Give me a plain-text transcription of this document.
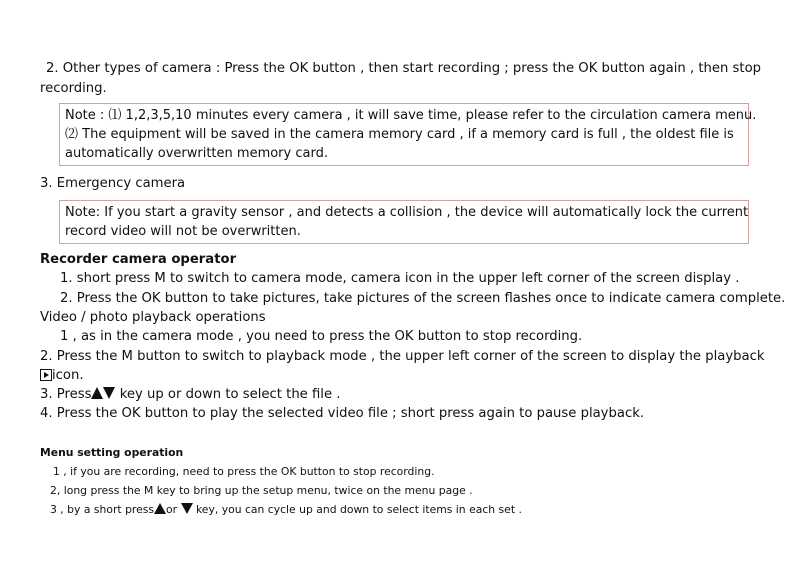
2. Other types of camera : Press the OK button , then start recording ; press the OK button again , then stop
recording.
Note : ⑴ 1,2,3,5,10 minutes every camera , it will save time, please refer to the circulation camera menu.
⑵ The equipment will be saved in the camera memory card , if a memory card is full , the oldest file is
automatically overwritten memory card.
3. Emergency camera
Note: If you start a gravity sensor , and detects a collision , the device will automatically lock the current
record video will not be overwritten.
Recorder camera operator
1. short press M to switch to camera mode, camera icon in the upper left corner of the screen display .
2. Press the OK button to take pictures, take pictures of the screen flashes once to indicate camera complete.
Video / photo playback operations
1 , as in the camera mode , you need to press the OK button to stop recording.
2. Press the M button to switch to playback mode , the upper left corner of the screen to display the playback
icon.
3. Press key up or down to select the file .
4. Press the OK button to play the selected video file ; short press again to pause playback.
Menu setting operation
1 , if you are recording, need to press the OK button to stop recording.
2, long press the M key to bring up the setup menu, twice on the menu page .
3 , by a short press or key, you can cycle up and down to select items in each set .
